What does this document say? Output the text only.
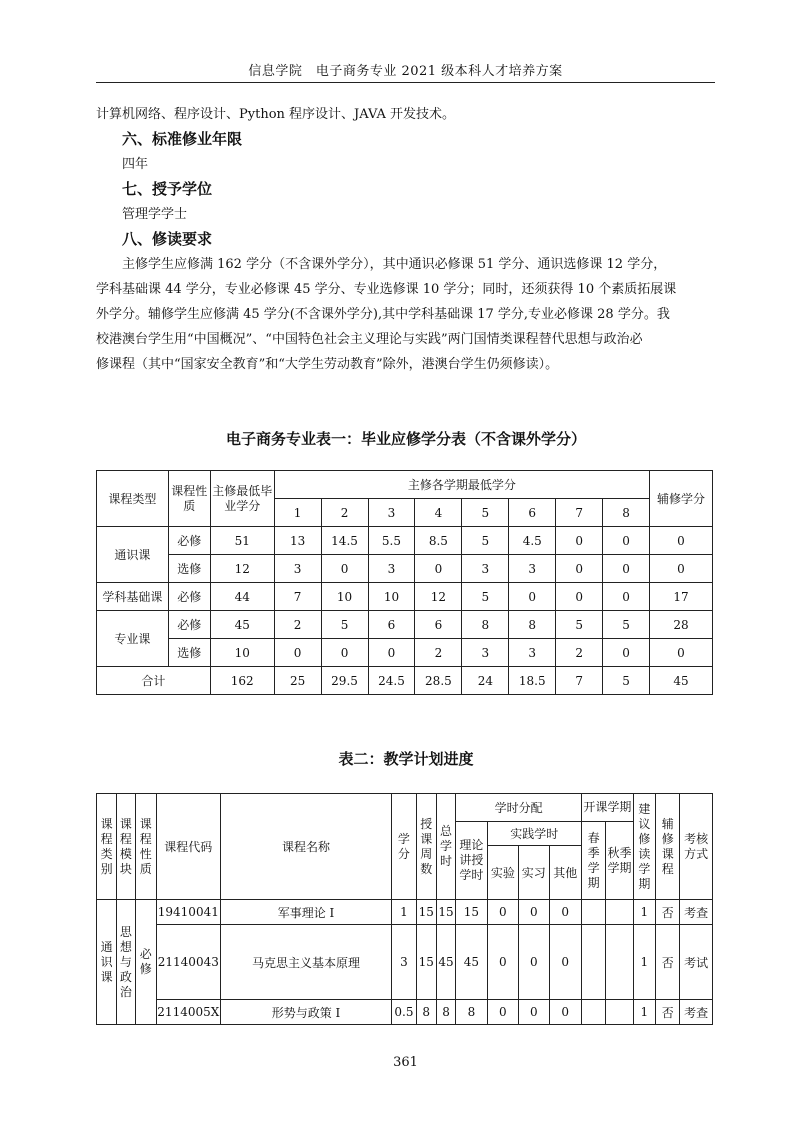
信息学院　电子商务专业 2021 级本科人才培养方案
计算机网络、程序设计、Python 程序设计、JAVA 开发技术。
六、标准修业年限
四年
七、授予学位
管理学学士
八、修读要求
主修学生应修满 162 学分（不含课外学分），其中通识必修课 51 学分、通识选修课 12 学分，
学科基础课 44 学分，专业必修课 45 学分、专业选修课 10 学分；同时，还须获得 10 个素质拓展课
外学分。辅修学生应修满 45 学分(不含课外学分),其中学科基础课 17 学分,专业必修课 28 学分。我
校港澳台学生用“中国概况”、“中国特色社会主义理论与实践”两门国情类课程替代思想与政治必
修课程（其中“国家安全教育”和“大学生劳动教育”除外，港澳台学生仍须修读）。
电子商务专业表一：毕业应修学分表（不含课外学分）
课程类型	课程性质	主修最低毕业学分	主修各学期最低学分								辅修学分
			1	2	3	4	5	6	7	8	
通识课	必修	51	13	14.5	5.5	8.5	5	4.5	0	0	0
	选修	12	3	0	3	0	3	3	0	0	0
学科基础课	必修	44	7	10	10	12	5	0	0	0	17
专业课	必修	45	2	5	6	6	8	8	5	5	28
	选修	10	0	0	0	2	3	3	2	0	0
合计		162	25	29.5	24.5	28.5	24	18.5	7	5	45
表二：教学计划进度
课程类别	课程模块	课程性质	课程代码	课程名称	学分	授课周数	总学时	学时分配				开课学期		建议修读学期	辅修课程	考核方式
								理论讲授学时	实践学时			春季学期	秋季学期			
									实验	实习	其他					
通识课	思想与政治	必修	19410041	军事理论 I	1	15	15	15	0	0	0			1	否	考查
			21140043	马克思主义基本原理	3	15	45	45	0	0	0			1	否	考试
			2114005X	形势与政策 I	0.5	8	8	8	0	0	0			1	否	考查
361
